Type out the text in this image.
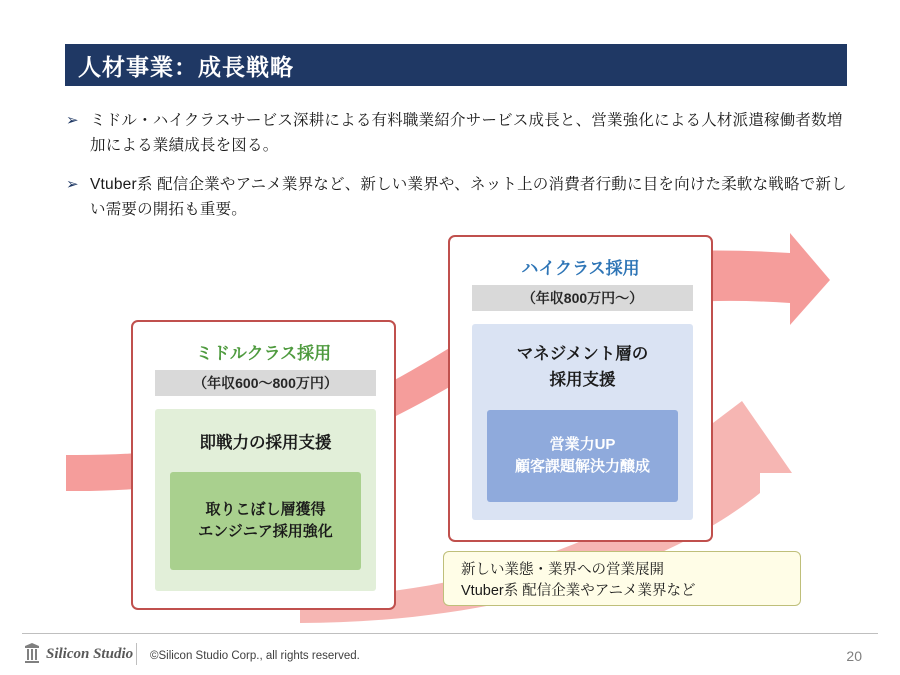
人材事業：成長戦略
➢ ミドル・ハイクラスサービス深耕による有料職業紹介サービス成長と、営業強化による人材派遣稼働者数増加による業績成長を図る。
➢ Vtuber系 配信企業やアニメ業界など、新しい業界や、ネット上の消費者行動に目を向けた柔軟な戦略で新しい需要の開拓も重要。
ミドルクラス採用
（年収600〜800万円）
即戦力の採用支援
取りこぼし層獲得
エンジニア採用強化
ハイクラス採用
（年収800万円〜）
マネジメント層の
採用支援
営業力UP
顧客課題解決力醸成
新しい業態・業界への営業展開
Vtuber系 配信企業やアニメ業界など
Silicon Studio ©Silicon Studio Corp., all rights reserved.	20
